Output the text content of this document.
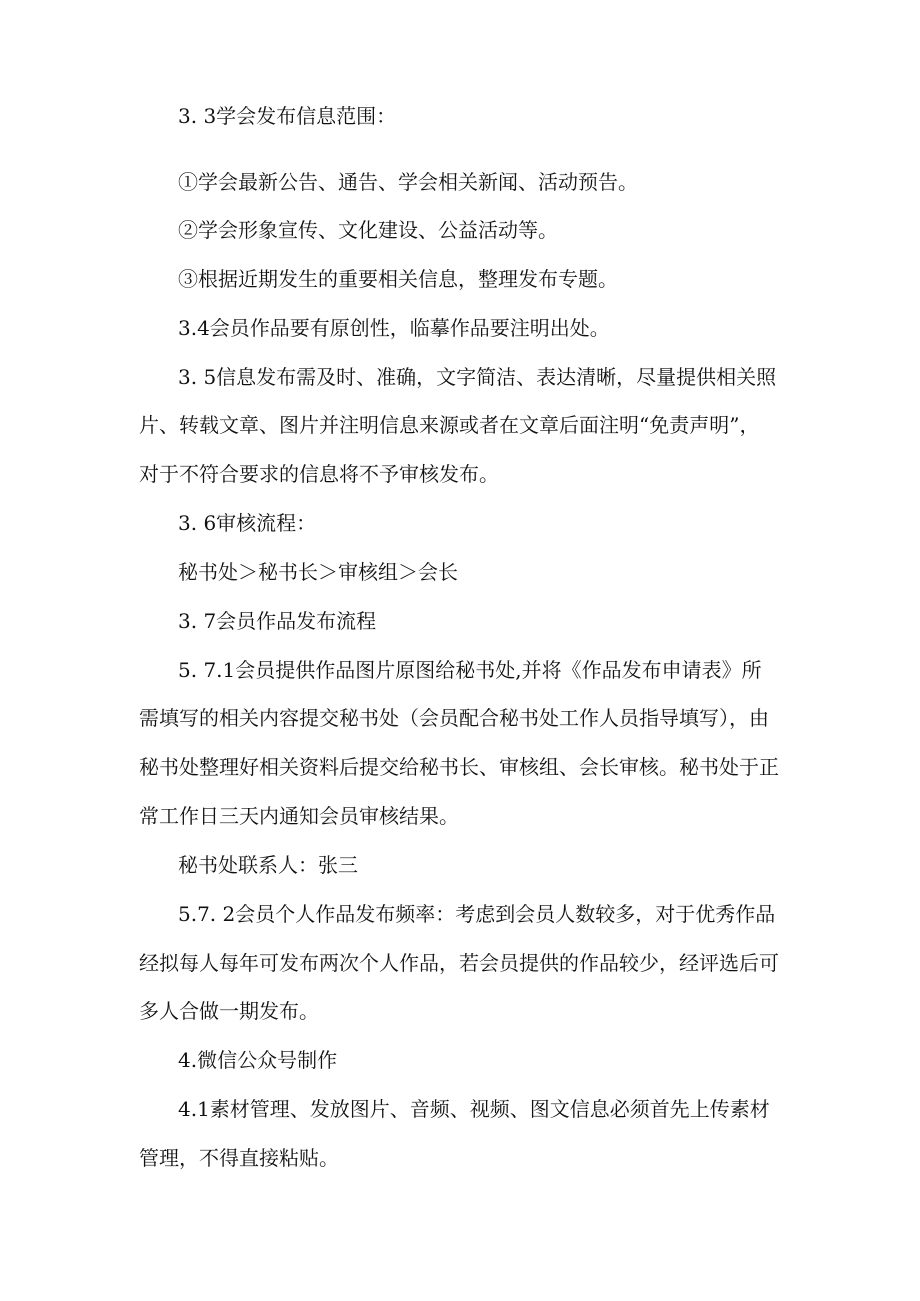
3. 3学会发布信息范围：
①学会最新公告、通告、学会相关新闻、活动预告。
②学会形象宣传、文化建设、公益活动等。
③根据近期发生的重要相关信息，整理发布专题。
3.4会员作品要有原创性，临摹作品要注明出处。
3. 5信息发布需及时、准确，文字简洁、表达清晰，尽量提供相关照
片、转载文章、图片并注明信息来源或者在文章后面注明“免责声明”，
对于不符合要求的信息将不予审核发布。
3. 6审核流程：
秘书处＞秘书长＞审核组＞会长
3. 7会员作品发布流程
5. 7.1会员提供作品图片原图给秘书处,并将《作品发布申请表》所
需填写的相关内容提交秘书处（会员配合秘书处工作人员指导填写），由
秘书处整理好相关资料后提交给秘书长、审核组、会长审核。秘书处于正
常工作日三天内通知会员审核结果。
秘书处联系人：张三
5.7. 2会员个人作品发布频率：考虑到会员人数较多，对于优秀作品
经拟每人每年可发布两次个人作品，若会员提供的作品较少，经评选后可
多人合做一期发布。
4.微信公众号制作
4.1素材管理、发放图片、音频、视频、图文信息必须首先上传素材
管理，不得直接粘贴。
